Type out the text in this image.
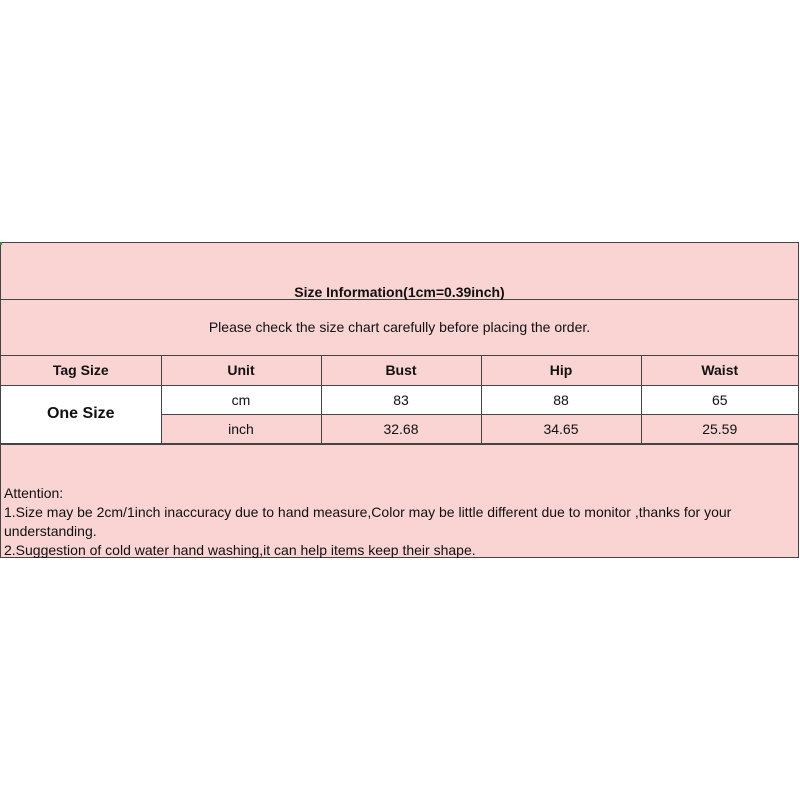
Size Information(1cm=0.39inch)
Please check the size chart carefully before placing the order.
Tag Size	Unit	Bust	Hip	Waist
One Size	cm	83	88	65
	inch	32.68	34.65	25.59
Attention:
1.Size may be 2cm/1inch inaccuracy due to hand measure,Color may be little different due to monitor ,thanks for your understanding.
2.Suggestion of cold water hand washing,it can help items keep their shape.
